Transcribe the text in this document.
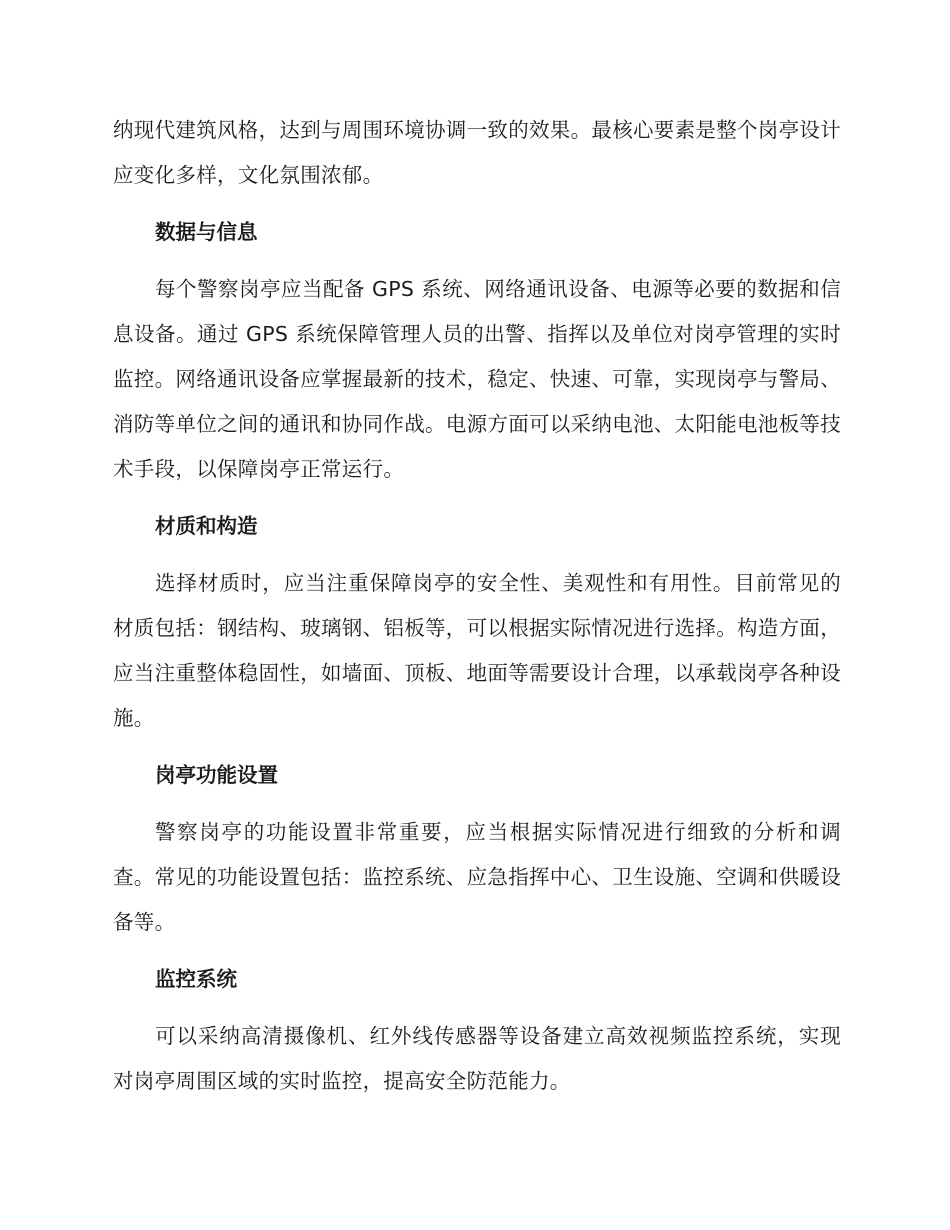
纳现代建筑风格，达到与周围环境协调一致的效果。最核心要素是整个岗亭设计应变化多样，文化氛围浓郁。

数据与信息

每个警察岗亭应当配备 GPS 系统、网络通讯设备、电源等必要的数据和信息设备。通过 GPS 系统保障管理人员的出警、指挥以及单位对岗亭管理的实时监控。网络通讯设备应掌握最新的技术，稳定、快速、可靠，实现岗亭与警局、消防等单位之间的通讯和协同作战。电源方面可以采纳电池、太阳能电池板等技术手段，以保障岗亭正常运行。

材质和构造

选择材质时，应当注重保障岗亭的安全性、美观性和有用性。目前常见的材质包括：钢结构、玻璃钢、铝板等，可以根据实际情况进行选择。构造方面，应当注重整体稳固性，如墙面、顶板、地面等需要设计合理，以承载岗亭各种设施。

岗亭功能设置

警察岗亭的功能设置非常重要，应当根据实际情况进行细致的分析和调查。常见的功能设置包括：监控系统、应急指挥中心、卫生设施、空调和供暖设备等。

监控系统

可以采纳高清摄像机、红外线传感器等设备建立高效视频监控系统，实现对岗亭周围区域的实时监控，提高安全防范能力。
